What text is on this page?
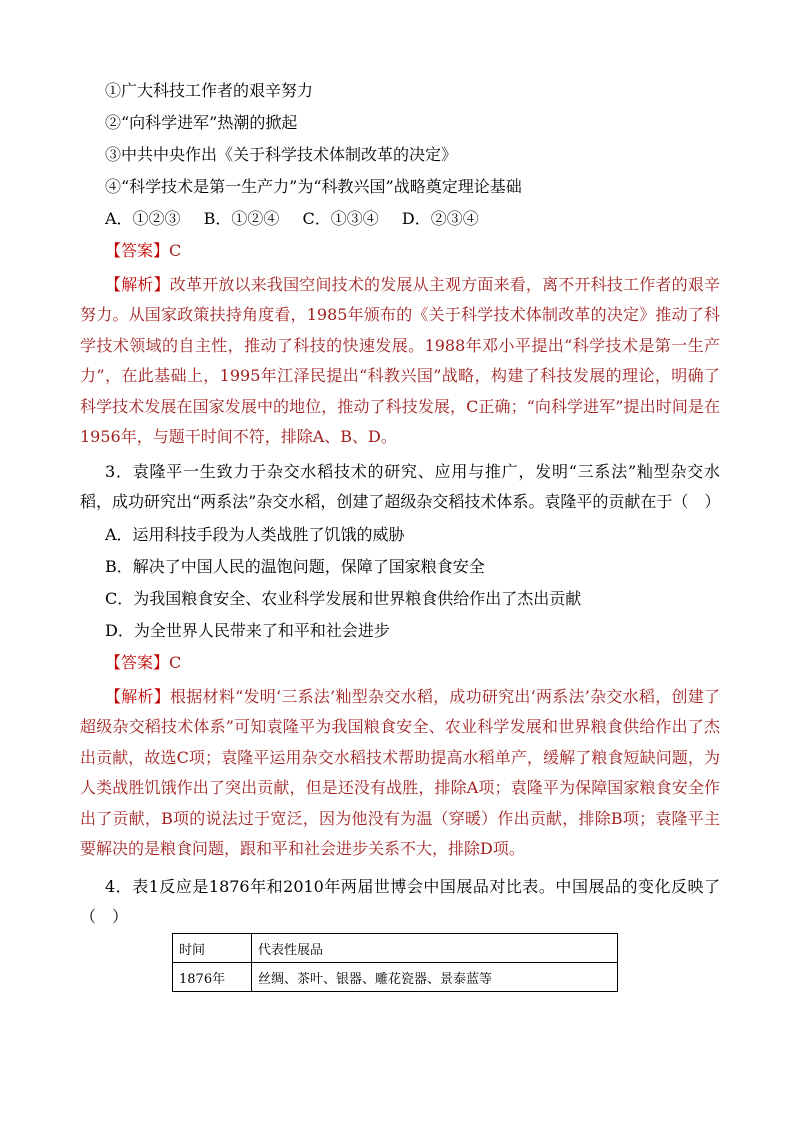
①广大科技工作者的艰辛努力
②“向科学进军”热潮的掀起
③中共中央作出《关于科学技术体制改革的决定》
④“科学技术是第一生产力”为“科教兴国”战略奠定理论基础
A．①②③ B．①②④ C．①③④ D．②③④
【答案】C
【解析】改革开放以来我国空间技术的发展从主观方面来看，离不开科技工作者的艰辛努力。从国家政策扶持角度看，1985年颁布的《关于科学技术体制改革的决定》推动了科学技术领域的自主性，推动了科技的快速发展。1988年邓小平提出“科学技术是第一生产力”，在此基础上，1995年江泽民提出“科教兴国”战略，构建了科技发展的理论，明确了科学技术发展在国家发展中的地位，推动了科技发展，C正确；“向科学进军”提出时间是在1956年，与题干时间不符，排除A、B、D。
3．袁隆平一生致力于杂交水稻技术的研究、应用与推广，发明“三系法”籼型杂交水稻，成功研究出“两系法”杂交水稻，创建了超级杂交稻技术体系。袁隆平的贡献在于（　）
A．运用科技手段为人类战胜了饥饿的威胁
B．解决了中国人民的温饱问题，保障了国家粮食安全
C．为我国粮食安全、农业科学发展和世界粮食供给作出了杰出贡献
D．为全世界人民带来了和平和社会进步
【答案】C
【解析】根据材料“发明‘三系法’籼型杂交水稻，成功研究出‘两系法’杂交水稻，创建了超级杂交稻技术体系”可知袁隆平为我国粮食安全、农业科学发展和世界粮食供给作出了杰出贡献，故选C项；袁隆平运用杂交水稻技术帮助提高水稻单产，缓解了粮食短缺问题，为人类战胜饥饿作出了突出贡献，但是还没有战胜，排除A项；袁隆平为保障国家粮食安全作出了贡献，B项的说法过于宽泛，因为他没有为温（穿暖）作出贡献，排除B项；袁隆平主要解决的是粮食问题，跟和平和社会进步关系不大，排除D项。
4．表1反应是1876年和2010年两届世博会中国展品对比表。中国展品的变化反映了（　）
时间	代表性展品
1876年	丝绸、茶叶、银器、雕花瓷器、景泰蓝等
